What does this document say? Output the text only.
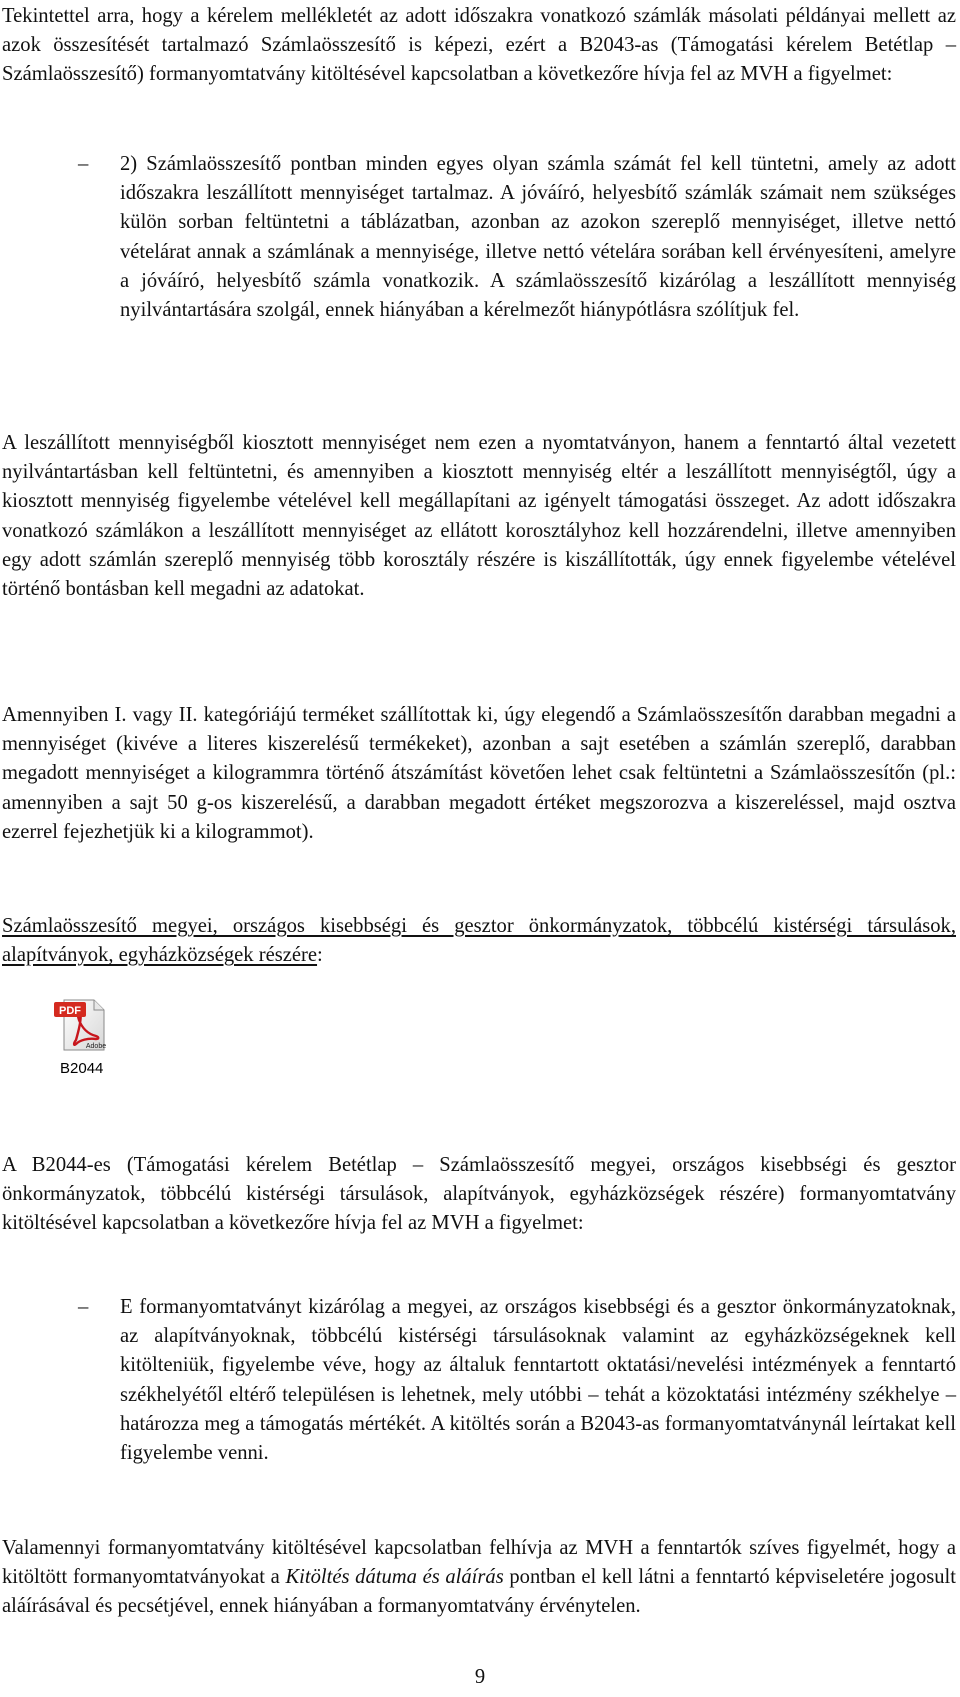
Tekintettel arra, hogy a kérelem mellékletét az adott időszakra vonatkozó számlák másolati példányai mellett az azok összesítését tartalmazó Számlaösszesítő is képezi, ezért a B2043-as (Támogatási kérelem Betétlap – Számlaösszesítő) formanyomtatvány kitöltésével kapcsolatban a következőre hívja fel az MVH a figyelmet:

– 2) Számlaösszesítő pontban minden egyes olyan számla számát fel kell tüntetni, amely az adott időszakra leszállított mennyiséget tartalmaz. A jóváíró, helyesbítő számlák számait nem szükséges külön sorban feltüntetni a táblázatban, azonban az azokon szereplő mennyiséget, illetve nettó vételárat annak a számlának a mennyisége, illetve nettó vételára sorában kell érvényesíteni, amelyre a jóváíró, helyesbítő számla vonatkozik. A számlaösszesítő kizárólag a leszállított mennyiség nyilvántartására szolgál, ennek hiányában a kérelmezőt hiánypótlásra szólítjuk fel.

A leszállított mennyiségből kiosztott mennyiséget nem ezen a nyomtatványon, hanem a fenntartó által vezetett nyilvántartásban kell feltüntetni, és amennyiben a kiosztott mennyiség eltér a leszállított mennyiségtől, úgy a kiosztott mennyiség figyelembe vételével kell megállapítani az igényelt támogatási összeget. Az adott időszakra vonatkozó számlákon a leszállított mennyiséget az ellátott korosztályhoz kell hozzárendelni, illetve amennyiben egy adott számlán szereplő mennyiség több korosztály részére is kiszállították, úgy ennek figyelembe vételével történő bontásban kell megadni az adatokat.

Amennyiben I. vagy II. kategóriájú terméket szállítottak ki, úgy elegendő a Számlaösszesítőn darabban megadni a mennyiséget (kivéve a literes kiszerelésű termékeket), azonban a sajt esetében a számlán szereplő, darabban megadott mennyiséget a kilogrammra történő átszámítást követően lehet csak feltüntetni a Számlaösszesítőn (pl.: amennyiben a sajt 50 g-os kiszerelésű, a darabban megadott értéket megszorozva a kiszereléssel, majd osztva ezerrel fejezhetjük ki a kilogrammot).

Számlaösszesítő megyei, országos kisebbségi és gesztor önkormányzatok, többcélú kistérségi társulások, alapítványok, egyházközségek részére:

PDF
Adobe
B2044

A B2044-es (Támogatási kérelem Betétlap – Számlaösszesítő megyei, országos kisebbségi és gesztor önkormányzatok, többcélú kistérségi társulások, alapítványok, egyházközségek részére) formanyomtatvány kitöltésével kapcsolatban a következőre hívja fel az MVH a figyelmet:

– E formanyomtatványt kizárólag a megyei, az országos kisebbségi és a gesztor önkormányzatoknak, az alapítványoknak, többcélú kistérségi társulásoknak valamint az egyházközségeknek kell kitölteniük, figyelembe véve, hogy az általuk fenntartott oktatási/nevelési intézmények a fenntartó székhelyétől eltérő településen is lehetnek, mely utóbbi – tehát a közoktatási intézmény székhelye – határozza meg a támogatás mértékét. A kitöltés során a B2043-as formanyomtatványnál leírtakat kell figyelembe venni.

Valamennyi formanyomtatvány kitöltésével kapcsolatban felhívja az MVH a fenntartók szíves figyelmét, hogy a kitöltött formanyomtatványokat a Kitöltés dátuma és aláírás pontban el kell látni a fenntartó képviseletére jogosult aláírásával és pecsétjével, ennek hiányában a formanyomtatvány érvénytelen.

9
